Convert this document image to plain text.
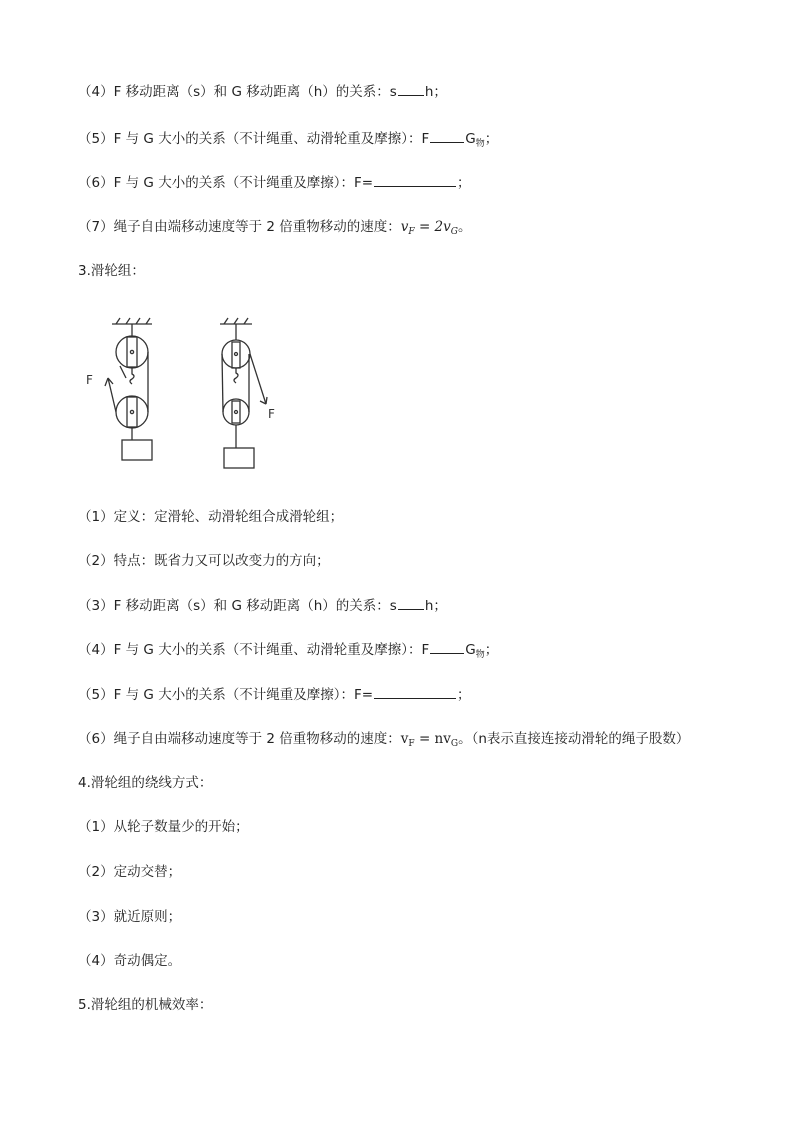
（4）F 移动距离（s）和 G 移动距离（h）的关系：s h；
（5）F 与 G 大小的关系（不计绳重、动滑轮重及摩擦）：F	$G_物$；
（6）F 与 G 大小的关系（不计绳重及摩擦）：F=	；
（7）绳子自由端移动速度等于 2 倍重物移动的速度：$v_F = 2v_G$。
3.滑轮组：
F
F
（1）定义：定滑轮、动滑轮组合成滑轮组；
（2）特点：既省力又可以改变力的方向；
（3）F 移动距离（s）和 G 移动距离（h）的关系：s h；
（4）F 与 G 大小的关系（不计绳重、动滑轮重及摩擦）：F	$G_物$；
（5）F 与 G 大小的关系（不计绳重及摩擦）：F=	；
（6）绳子自由端移动速度等于 2 倍重物移动的速度：$v_F = nv_G$。（n表示直接连接动滑轮的绳子股数）
4.滑轮组的绕线方式：
（1）从轮子数量少的开始；
（2）定动交替；
（3）就近原则；
（4）奇动偶定。
5.滑轮组的机械效率：
